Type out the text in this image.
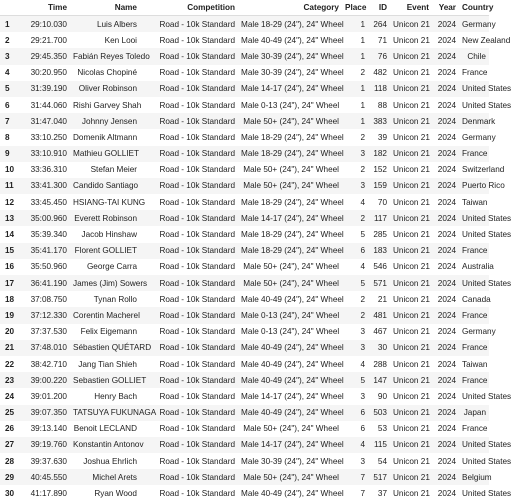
	Time	Name	Competition	Category	Place	ID	Event	Year	Country
1	29:10.030	Luis Albers	Road - 10k Standard	Male 18-29 (24"), 24" Wheel	1	264	Unicon 21	2024	Germany
2	29:21.700	Ken Looi	Road - 10k Standard	Male 40-49 (24"), 24" Wheel	1	71	Unicon 21	2024	New Zealand
3	29:45.350	Fabián Reyes Toledo	Road - 10k Standard	Male 30-39 (24"), 24" Wheel	1	76	Unicon 21	2024	Chile
4	30:20.950	Nicolas Chopiné	Road - 10k Standard	Male 30-39 (24"), 24" Wheel	2	482	Unicon 21	2024	France
5	31:39.190	Oliver Robinson	Road - 10k Standard	Male 14-17 (24"), 24" Wheel	1	118	Unicon 21	2024	United States
6	31:44.060	Rishi Garvey Shah	Road - 10k Standard	Male 0-13 (24"), 24" Wheel	1	88	Unicon 21	2024	United States
7	31:47.040	Johnny Jensen	Road - 10k Standard	Male 50+ (24"), 24" Wheel	1	383	Unicon 21	2024	Denmark
8	33:10.250	Domenik Altmann	Road - 10k Standard	Male 18-29 (24"), 24" Wheel	2	39	Unicon 21	2024	Germany
9	33:10.910	Mathieu GOLLIET	Road - 10k Standard	Male 18-29 (24"), 24" Wheel	3	182	Unicon 21	2024	France
10	33:36.310	Stefan Meier	Road - 10k Standard	Male 50+ (24"), 24" Wheel	2	152	Unicon 21	2024	Switzerland
11	33:41.300	Candido Santiago	Road - 10k Standard	Male 50+ (24"), 24" Wheel	3	159	Unicon 21	2024	Puerto Rico
12	33:45.450	HSIANG-TAI KUNG	Road - 10k Standard	Male 18-29 (24"), 24" Wheel	4	70	Unicon 21	2024	Taiwan
13	35:00.960	Everett Robinson	Road - 10k Standard	Male 14-17 (24"), 24" Wheel	2	117	Unicon 21	2024	United States
14	35:39.340	Jacob Hinshaw	Road - 10k Standard	Male 18-29 (24"), 24" Wheel	5	285	Unicon 21	2024	United States
15	35:41.170	Florent GOLLIET	Road - 10k Standard	Male 18-29 (24"), 24" Wheel	6	183	Unicon 21	2024	France
16	35:50.960	George Carra	Road - 10k Standard	Male 50+ (24"), 24" Wheel	4	546	Unicon 21	2024	Australia
17	36:41.190	James (Jim) Sowers	Road - 10k Standard	Male 50+ (24"), 24" Wheel	5	571	Unicon 21	2024	United States
18	37:08.750	Tynan Rollo	Road - 10k Standard	Male 40-49 (24"), 24" Wheel	2	21	Unicon 21	2024	Canada
19	37:12.330	Corentin Macherel	Road - 10k Standard	Male 0-13 (24"), 24" Wheel	2	481	Unicon 21	2024	France
20	37:37.530	Felix Eigemann	Road - 10k Standard	Male 0-13 (24"), 24" Wheel	3	467	Unicon 21	2024	Germany
21	37:48.010	Sébastien QUÉTARD	Road - 10k Standard	Male 40-49 (24"), 24" Wheel	3	30	Unicon 21	2024	France
22	38:42.710	Jang Tian Shieh	Road - 10k Standard	Male 40-49 (24"), 24" Wheel	4	288	Unicon 21	2024	Taiwan
23	39:00.220	Sebastien GOLLIET	Road - 10k Standard	Male 40-49 (24"), 24" Wheel	5	147	Unicon 21	2024	France
24	39:01.200	Henry Bach	Road - 10k Standard	Male 14-17 (24"), 24" Wheel	3	90	Unicon 21	2024	United States
25	39:07.350	TATSUYA FUKUNAGA	Road - 10k Standard	Male 40-49 (24"), 24" Wheel	6	503	Unicon 21	2024	Japan
26	39:13.140	Benoit LECLAND	Road - 10k Standard	Male 50+ (24"), 24" Wheel	6	53	Unicon 21	2024	France
27	39:19.760	Konstantin Antonov	Road - 10k Standard	Male 14-17 (24"), 24" Wheel	4	115	Unicon 21	2024	United States
28	39:37.630	Joshua Ehrlich	Road - 10k Standard	Male 30-39 (24"), 24" Wheel	3	54	Unicon 21	2024	United States
29	40:45.550	Michel Arets	Road - 10k Standard	Male 50+ (24"), 24" Wheel	7	517	Unicon 21	2024	Belgium
30	41:17.890	Ryan Wood	Road - 10k Standard	Male 40-49 (24"), 24" Wheel	7	37	Unicon 21	2024	United States
